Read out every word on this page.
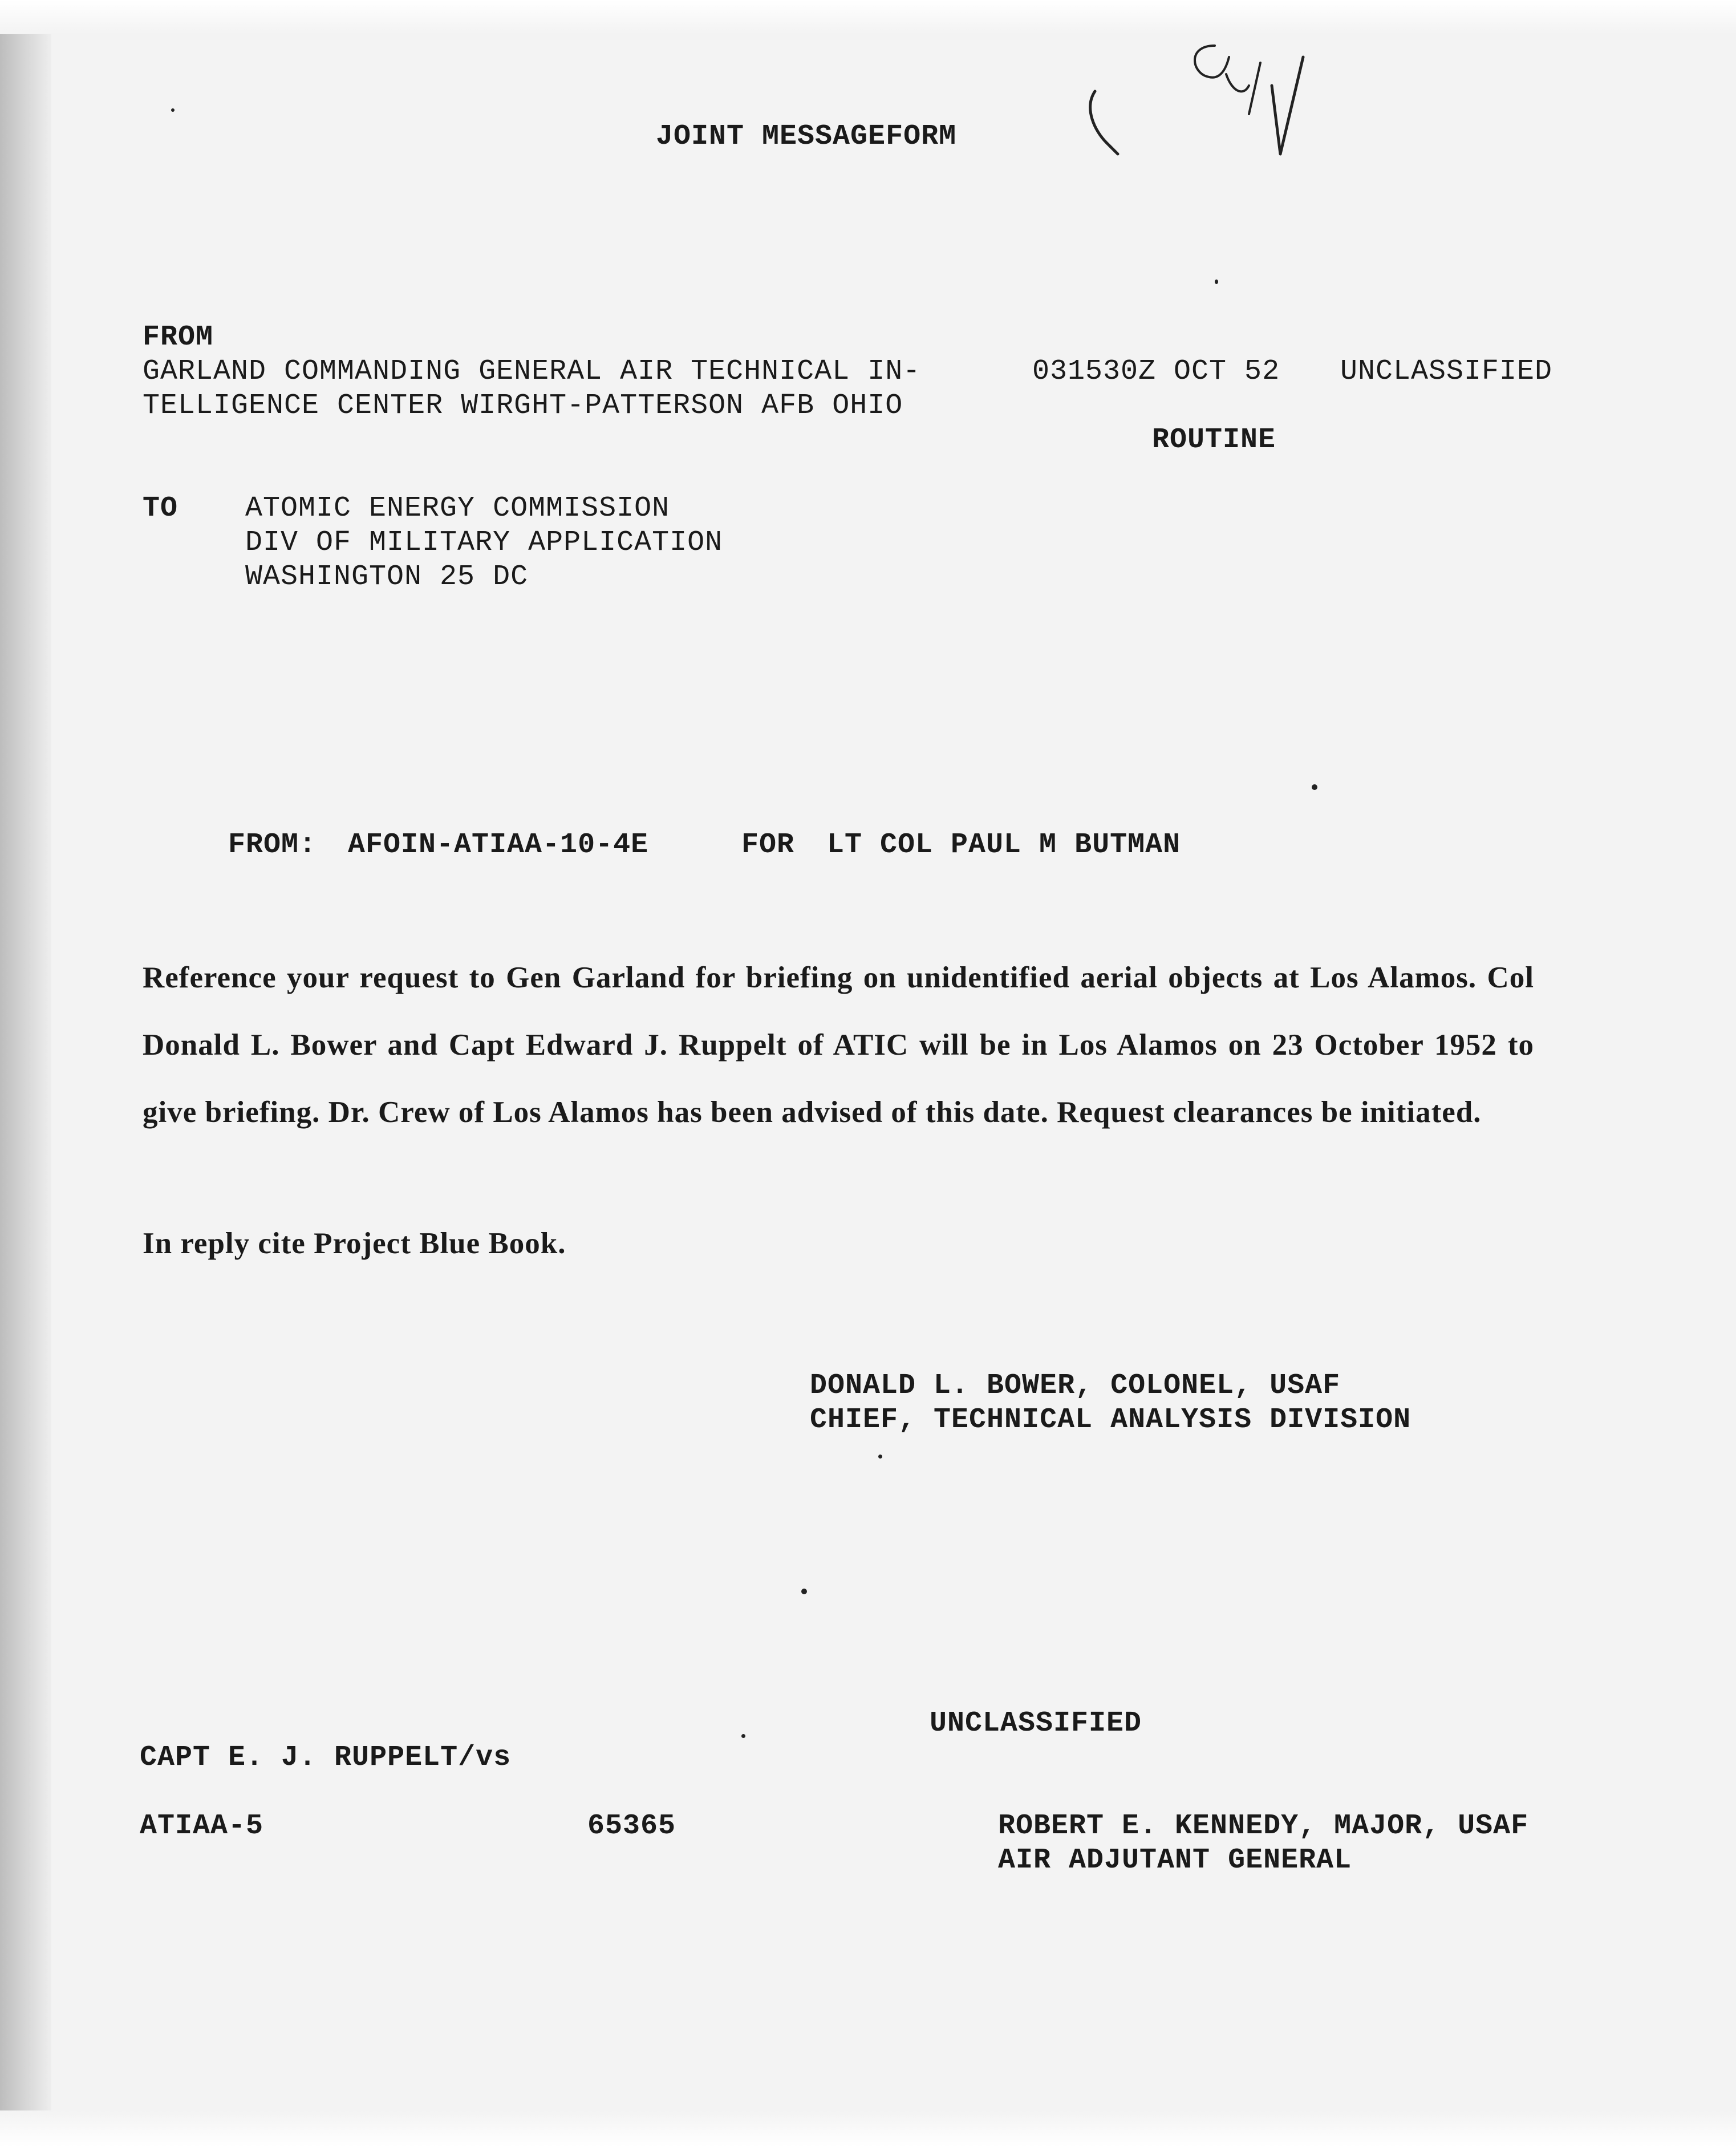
JOINT MESSAGEFORM
FROM
GARLAND COMMANDING GENERAL AIR TECHNICAL IN-
TELLIGENCE CENTER WIRGHT-PATTERSON AFB OHIO
031530Z OCT 52 UNCLASSIFIED
ROUTINE
TO ATOMIC ENERGY COMMISSION
DIV OF MILITARY APPLICATION
WASHINGTON 25 DC
FROM: AFOIN-ATIAA-10-4E	FOR LT COL PAUL M BUTMAN

Reference your request to Gen Garland for briefing on unidentified aerial objects at Los Alamos. Col Donald L. Bower and Capt Edward J. Ruppelt of ATIC will be in Los Alamos on 23 October 1952 to give briefing. Dr. Crew of Los Alamos has been advised of this date. Request clearances be initiated.

In reply cite Project Blue Book.
DONALD L. BOWER, COLONEL, USAF
CHIEF, TECHNICAL ANALYSIS DIVISION
UNCLASSIFIED
CAPT E. J. RUPPELT/vs
ATIAA-5	65365	ROBERT E. KENNEDY, MAJOR, USAF
AIR ADJUTANT GENERAL
